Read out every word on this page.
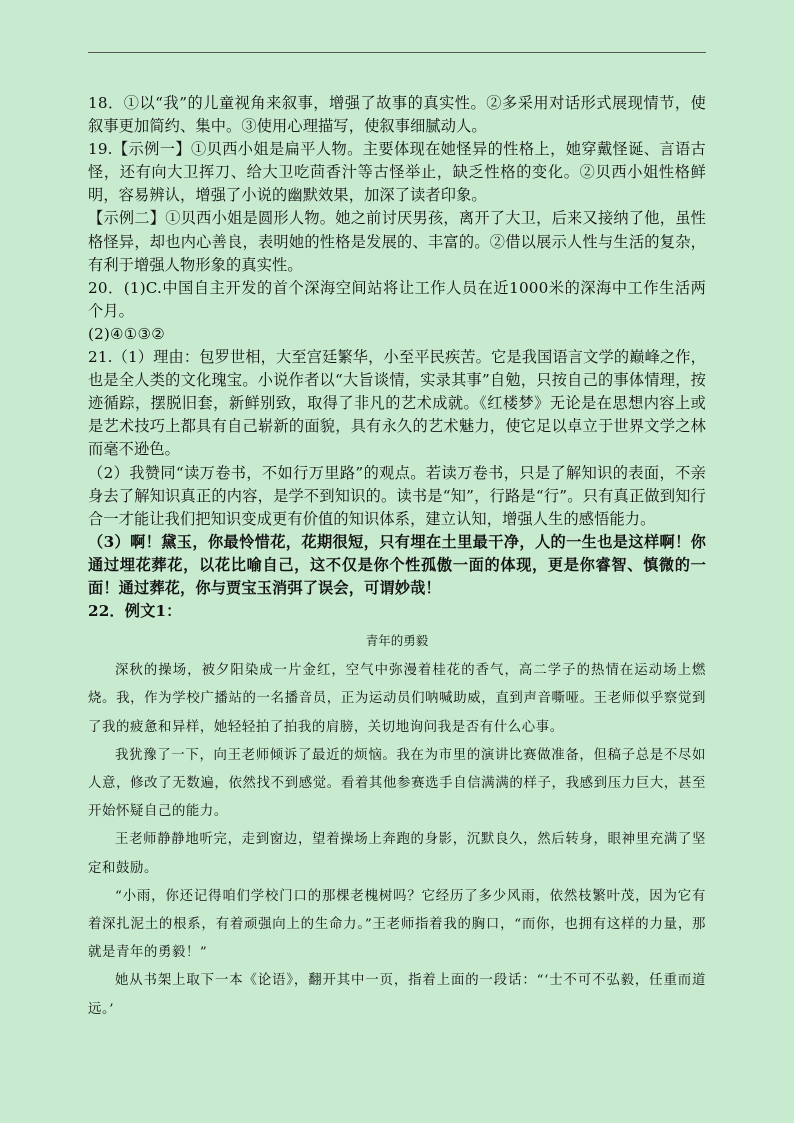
18．①以“我”的儿童视角来叙事，增强了故事的真实性。②多采用对话形式展现情节，使叙事更加简约、集中。③使用心理描写，使叙事细腻动人。

19.【示例一】①贝西小姐是扁平人物。主要体现在她怪异的性格上，她穿戴怪诞、言语古怪，还有向大卫挥刀、给大卫吃茴香汁等古怪举止，缺乏性格的变化。②贝西小姐性格鲜明，容易辨认，增强了小说的幽默效果，加深了读者印象。

【示例二】①贝西小姐是圆形人物。她之前讨厌男孩，离开了大卫，后来又接纳了他，虽性格怪异，却也内心善良，表明她的性格是发展的、丰富的。②借以展示人性与生活的复杂，有利于增强人物形象的真实性。

20．(1)C.中国自主开发的首个深海空间站将让工作人员在近1000米的深海中工作生活两个月。

(2)④①③②

21.（1）理由：包罗世相，大至宫廷繁华，小至平民疾苦。它是我国语言文学的巅峰之作，也是全人类的文化瑰宝。小说作者以“大旨谈情，实录其事”自勉，只按自己的事体情理，按迹循踪，摆脱旧套，新鲜别致，取得了非凡的艺术成就。《红楼梦》无论是在思想内容上或是艺术技巧上都具有自己崭新的面貌，具有永久的艺术魅力，使它足以卓立于世界文学之林而毫不逊色。

（2）我赞同“读万卷书，不如行万里路”的观点。若读万卷书，只是了解知识的表面，不亲身去了解知识真正的内容，是学不到知识的。读书是“知”，行路是“行”。只有真正做到知行合一才能让我们把知识变成更有价值的知识体系，建立认知，增强人生的感悟能力。

（3）啊！黛玉，你最怜惜花，花期很短，只有埋在土里最干净，人的一生也是这样啊！你通过埋花葬花，以花比喻自己，这不仅是你个性孤傲一面的体现，更是你睿智、慎微的一面！通过葬花，你与贾宝玉消弭了误会，可谓妙哉！

22．例文1：

青年的勇毅

深秋的操场，被夕阳染成一片金红，空气中弥漫着桂花的香气，高二学子的热情在运动场上燃烧。我，作为学校广播站的一名播音员，正为运动员们呐喊助威，直到声音嘶哑。王老师似乎察觉到了我的疲惫和异样，她轻轻拍了拍我的肩膀，关切地询问我是否有什么心事。

我犹豫了一下，向王老师倾诉了最近的烦恼。我在为市里的演讲比赛做准备，但稿子总是不尽如人意，修改了无数遍，依然找不到感觉。看着其他参赛选手自信满满的样子，我感到压力巨大，甚至开始怀疑自己的能力。

王老师静静地听完，走到窗边，望着操场上奔跑的身影，沉默良久，然后转身，眼神里充满了坚定和鼓励。

“小雨，你还记得咱们学校门口的那棵老槐树吗？它经历了多少风雨，依然枝繁叶茂，因为它有着深扎泥土的根系，有着顽强向上的生命力。”王老师指着我的胸口，“而你，也拥有这样的力量，那就是青年的勇毅！”

她从书架上取下一本《论语》，翻开其中一页，指着上面的一段话：“‘士不可不弘毅，任重而道远。’
